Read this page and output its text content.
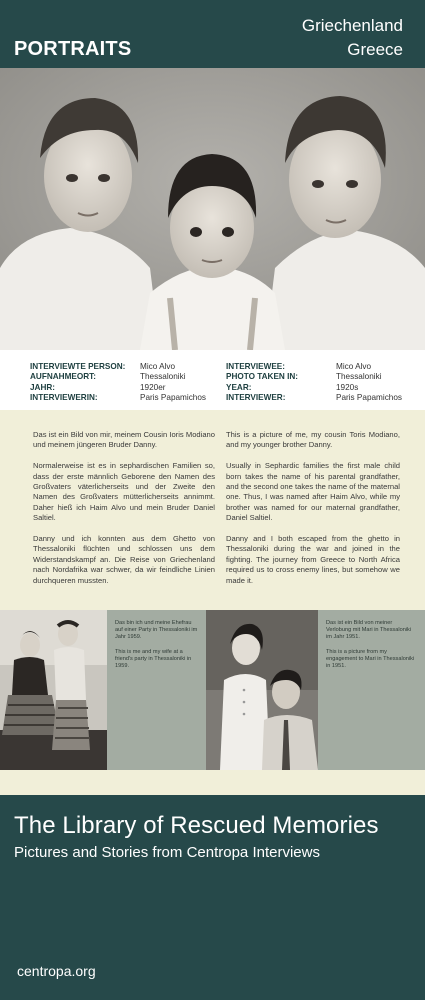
PORTRAITS
Griechenland
Greece
INTERVIEWTE PERSON:	Mico Alvo
AUFNAHMEORT:	Thessaloniki
JAHR:	1920er
INTERVIEWERIN:	Paris Papamichos
INTERVIEWEE:	Mico Alvo
PHOTO TAKEN IN:	Thessaloniki
YEAR:	1920s
INTERVIEWER:	Paris Papamichos

Das ist ein Bild von mir, meinem Cousin Ioris Modiano und meinem jüngeren Bruder Danny.

Normalerweise ist es in sephardischen Familien so, dass der erste männlich Geborene den Namen des Großvaters väterlicherseits und der Zweite den Namen des Großvaters mütterlicherseits annimmt. Daher hieß ich Haim Alvo und mein Bruder Daniel Saltiel.

Danny und ich konnten aus dem Ghetto von Thessaloniki flüchten und schlossen uns dem Widerstandskampf an. Die Reise von Griechenland nach Nordafrika war schwer, da wir feindliche Linien durchqueren mussten.

This is a picture of me, my cousin Toris Modiano, and my younger brother Danny.

Usually in Sephardic families the first male child born takes the name of his parental grandfather, and the second one takes the name of the maternal one. Thus, I was named after Haim Alvo, while my brother was named for our maternal grandfather, Daniel Saltiel.

Danny and I both escaped from the ghetto in Thessaloniki during the war and joined in the fighting. The journey from Greece to North Africa required us to cross enemy lines, but somehow we made it.

Das bin ich und meine Ehefrau auf einer Party in Thessaloniki im Jahr 1959.

This is me and my wife at a friend's party in Thessaloniki in 1959.

Das ist ein Bild von meiner Verlobung mit Mari in Thessaloniki im Jahr 1951.

This is a picture from my engagement to Mari in Thessaloniki in 1951.

The Library of Rescued Memories
Pictures and Stories from Centropa Interviews
centropa.org
